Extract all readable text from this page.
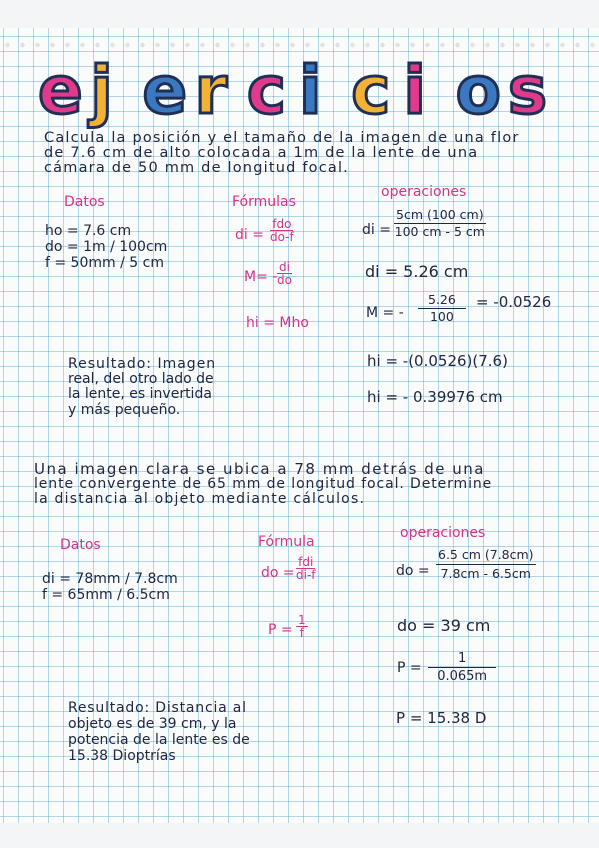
e j e r c i c i o s
Calcula la posición y el tamaño de la imagen de una flor
de 7.6 cm de alto colocada a 1m de la lente de una
cámara de 50 mm de longitud focal.
Datos	Fórmulas
operaciones
ho = 7.6 cm
do = 1m / 100cm
f = 50mm / 5 cm
di =
fdo
do-f
$M= - \frac{di}{do}$
hi = Mho
di = $\frac{5cm (100 cm)}{100 cm - 5 cm}$
di = 5.26 cm
M = - $\frac{5.26}{100} = -0.0526$
hi = -(0.0526)(7.6)
hi = - 0.39976 cm
Resultado: Imagen
real, del otro lado de
la lente, es invertida
y más pequeño.
Una imagen clara se ubica a 78 mm detrás de una
lente convergente de 65 mm de longitud focal. Determine
la distancia al objeto mediante cálculos.
Datos	Fórmula
operaciones
di = 78mm / 7.8cm
f = 65mm / 6.5cm
do =
fdi
di-f
$P = \frac{1}{f}$
do = $\frac{6.5 cm (7.8cm)}{7.8cm - 6.5cm}$
do = 39 cm
$P = \frac{1}{0.065m}$
P = 15.38 D
Resultado: Distancia al
objeto es de 39 cm, y la
potencia de la lente es de
15.38 Dioptrías
